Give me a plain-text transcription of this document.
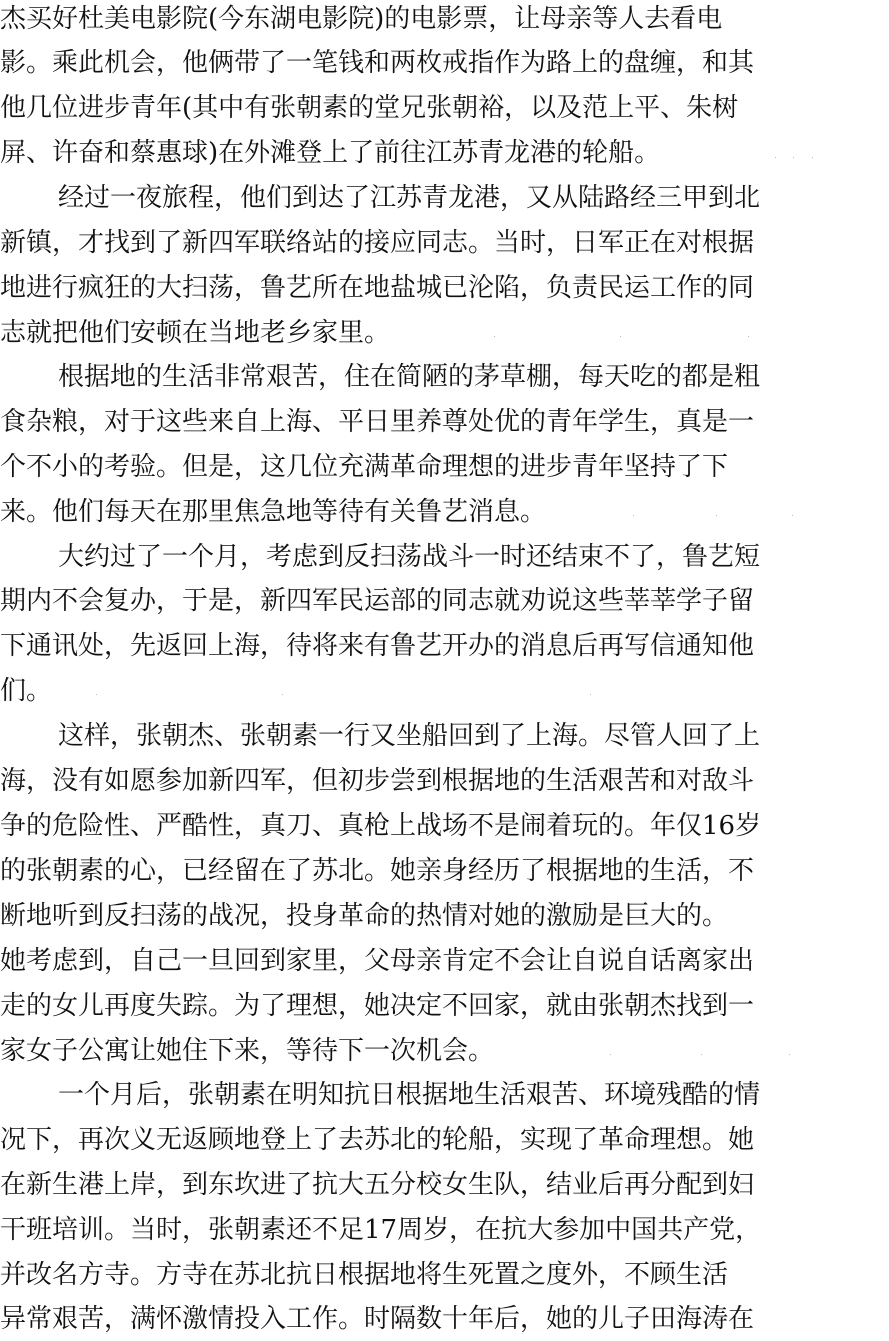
杰买好杜美电影院(今东湖电影院)的电影票，让母亲等人去看电
影。乘此机会，他俩带了一笔钱和两枚戒指作为路上的盘缠，和其
他几位进步青年(其中有张朝素的堂兄张朝裕，以及范上平、朱树
屏、许奋和蔡惠球)在外滩登上了前往江苏青龙港的轮船。
经过一夜旅程，他们到达了江苏青龙港，又从陆路经三甲到北
新镇，才找到了新四军联络站的接应同志。当时，日军正在对根据
地进行疯狂的大扫荡，鲁艺所在地盐城已沦陷，负责民运工作的同
志就把他们安顿在当地老乡家里。
根据地的生活非常艰苦，住在简陋的茅草棚，每天吃的都是粗
食杂粮，对于这些来自上海、平日里养尊处优的青年学生，真是一
个不小的考验。但是，这几位充满革命理想的进步青年坚持了下
来。他们每天在那里焦急地等待有关鲁艺消息。
大约过了一个月，考虑到反扫荡战斗一时还结束不了，鲁艺短
期内不会复办，于是，新四军民运部的同志就劝说这些莘莘学子留
下通讯处，先返回上海，待将来有鲁艺开办的消息后再写信通知他
们。
这样，张朝杰、张朝素一行又坐船回到了上海。尽管人回了上
海，没有如愿参加新四军，但初步尝到根据地的生活艰苦和对敌斗
争的危险性、严酷性，真刀、真枪上战场不是闹着玩的。年仅16岁
的张朝素的心，已经留在了苏北。她亲身经历了根据地的生活，不
断地听到反扫荡的战况，投身革命的热情对她的激励是巨大的。
她考虑到，自己一旦回到家里，父母亲肯定不会让自说自话离家出
走的女儿再度失踪。为了理想，她决定不回家，就由张朝杰找到一
家女子公寓让她住下来，等待下一次机会。
一个月后，张朝素在明知抗日根据地生活艰苦、环境残酷的情
况下，再次义无返顾地登上了去苏北的轮船，实现了革命理想。她
在新生港上岸，到东坎进了抗大五分校女生队，结业后再分配到妇
干班培训。当时，张朝素还不足17周岁，在抗大参加中国共产党，
并改名方寺。方寺在苏北抗日根据地将生死置之度外，不顾生活
异常艰苦，满怀激情投入工作。时隔数十年后，她的儿子田海涛在
